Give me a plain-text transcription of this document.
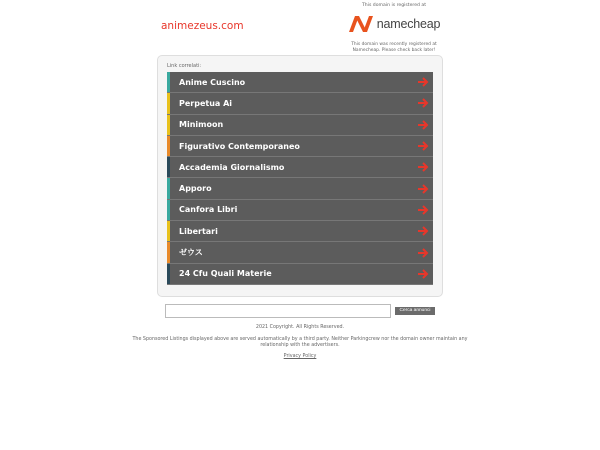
animezeus.com
This domain is registered at
namecheap
This domain was recently registered at
Namecheap. Please check back later!
Link correlati:
Anime Cuscino
Perpetua Ai
Minimoon
Figurativo Contemporaneo
Accademia Giornalismo
Apporo
Canfora Libri
Libertari
ゼウス
24 Cfu Quali Materie
Cerca annunci
2021 Copyright. All Rights Reserved.
The Sponsored Listings displayed above are served automatically by a third party. Neither Parkingcrew nor the domain owner maintain any relationship with the advertisers.
Privacy Policy
